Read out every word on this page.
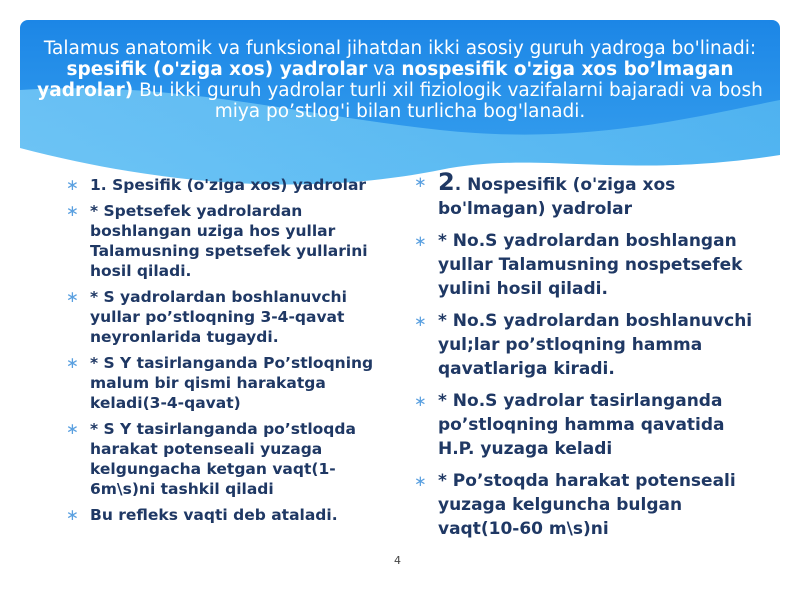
Talamus anatomik va funksional jihatdan ikki asosiy guruh yadroga bo'linadi: spesifik (o'ziga xos) yadrolar va nospesifik o'ziga xos bo’lmagan yadrolar) Bu ikki guruh yadrolar turli xil fiziologik vazifalarni bajaradi va bosh miya po’stlog'i bilan turlicha bog'lanadi.
∗ 1. Spesifik (o'ziga xos) yadrolar
∗ * Spetsefek yadrolardan boshlangan uziga hos yullar Talamusning spetsefek yullarini hosil qiladi.
∗ * S yadrolardan boshlanuvchi yullar po’stloqning 3-4-qavat neyronlarida tugaydi.
∗ * S Y tasirlanganda Po’stloqning malum bir qismi harakatga keladi(3-4-qavat)
∗ * S Y tasirlanganda po’stloqda harakat potenseali yuzaga kelgungacha ketgan vaqt(1-6m\s)ni tashkil qiladi
∗ Bu refleks vaqti deb ataladi.
∗ 2. Nospesifik (o'ziga xos bo'lmagan) yadrolar
∗ * No.S yadrolardan boshlangan yullar Talamusning nospetsefek yulini hosil qiladi.
∗ * No.S yadrolardan boshlanuvchi yul;lar po’stloqning hamma qavatlariga kiradi.
∗ * No.S yadrolar tasirlanganda po’stloqning hamma qavatida H.P. yuzaga keladi
∗ * Po’stoqda harakat potenseali yuzaga kelguncha bulgan vaqt(10-60 m\s)ni
4
